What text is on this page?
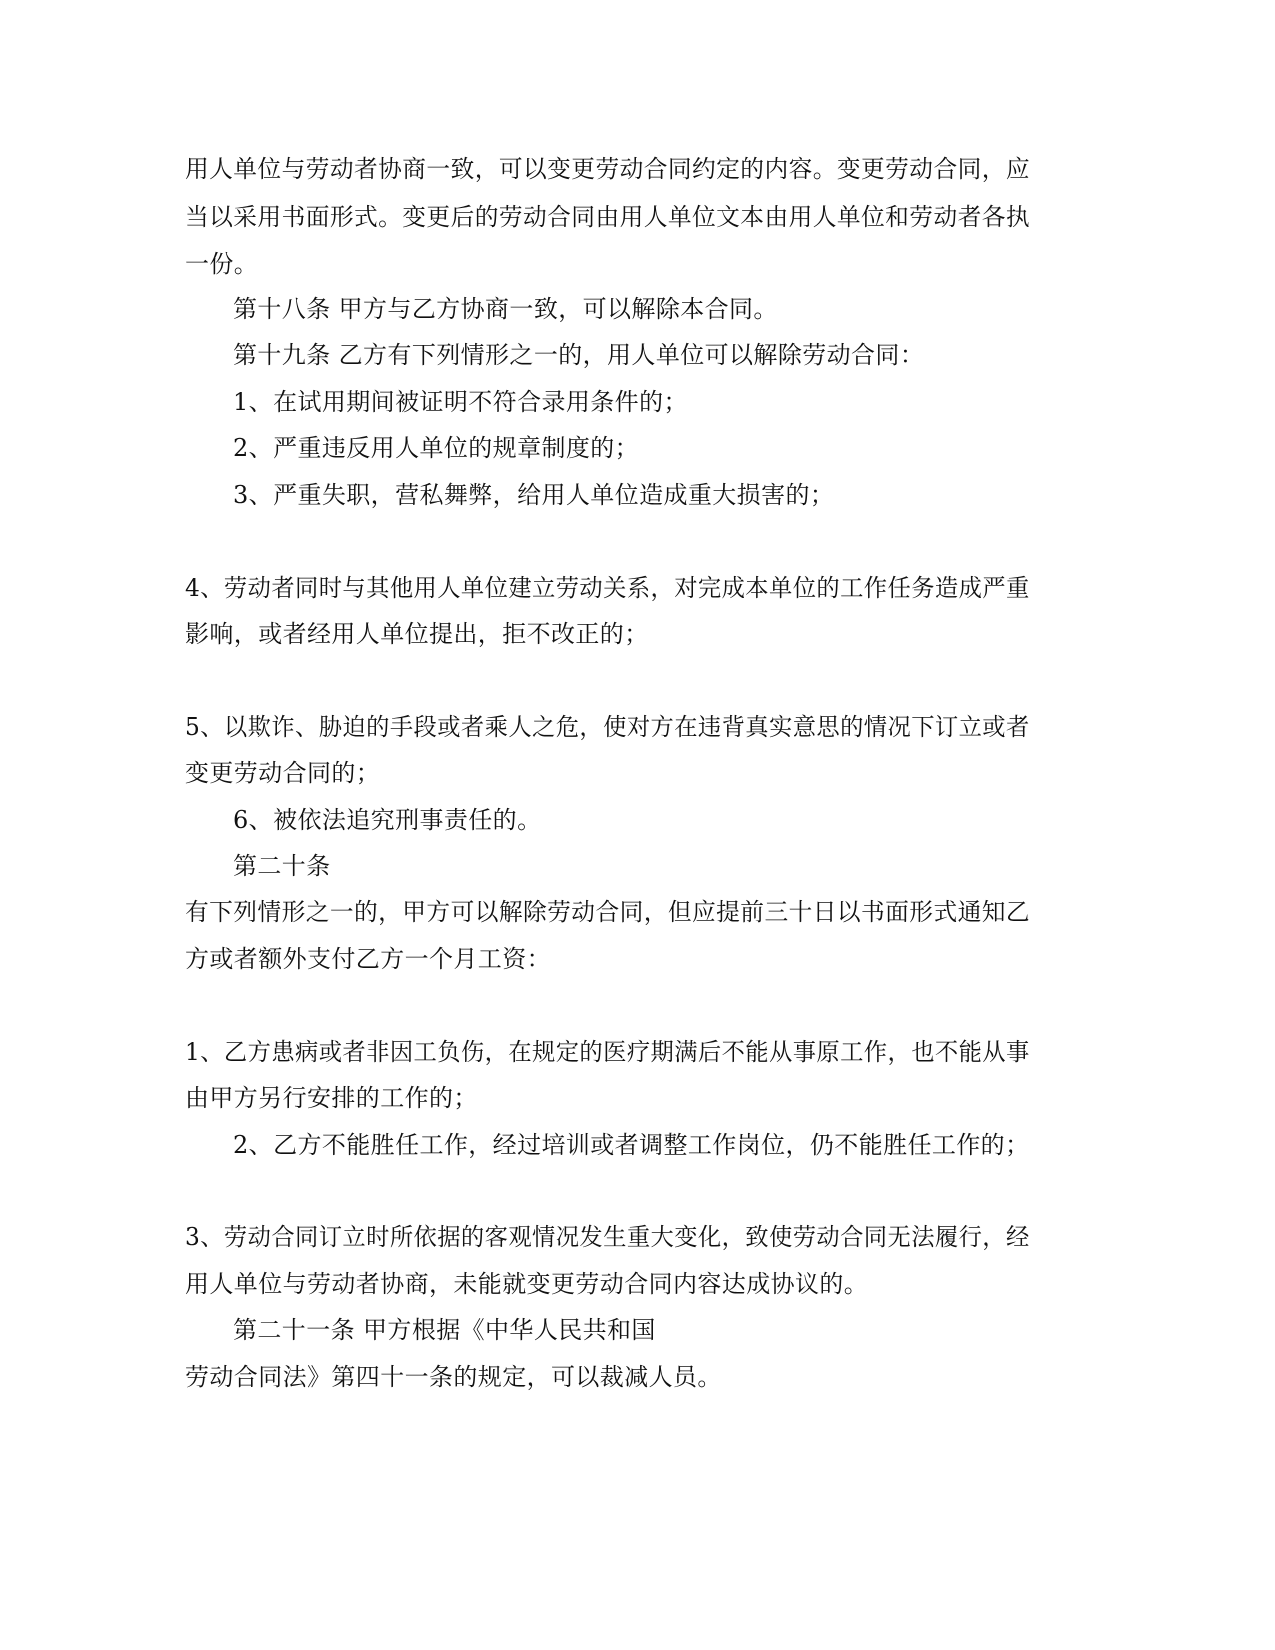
用人单位与劳动者协商一致，可以变更劳动合同约定的内容。变更劳动合同，应
当以采用书面形式。变更后的劳动合同由用人单位文本由用人单位和劳动者各执
一份。
第十八条 甲方与乙方协商一致，可以解除本合同。
第十九条 乙方有下列情形之一的，用人单位可以解除劳动合同：
1、在试用期间被证明不符合录用条件的；
2、严重违反用人单位的规章制度的；
3、严重失职，营私舞弊，给用人单位造成重大损害的；
4、劳动者同时与其他用人单位建立劳动关系，对完成本单位的工作任务造成严重
影响，或者经用人单位提出，拒不改正的；
5、以欺诈、胁迫的手段或者乘人之危，使对方在违背真实意思的情况下订立或者
变更劳动合同的；
6、被依法追究刑事责任的。
第二十条
有下列情形之一的，甲方可以解除劳动合同，但应提前三十日以书面形式通知乙
方或者额外支付乙方一个月工资：
1、乙方患病或者非因工负伤，在规定的医疗期满后不能从事原工作，也不能从事
由甲方另行安排的工作的；
2、乙方不能胜任工作，经过培训或者调整工作岗位，仍不能胜任工作的；
3、劳动合同订立时所依据的客观情况发生重大变化，致使劳动合同无法履行，经
用人单位与劳动者协商，未能就变更劳动合同内容达成协议的。
第二十一条 甲方根据《中华人民共和国
劳动合同法》第四十一条的规定，可以裁减人员。
